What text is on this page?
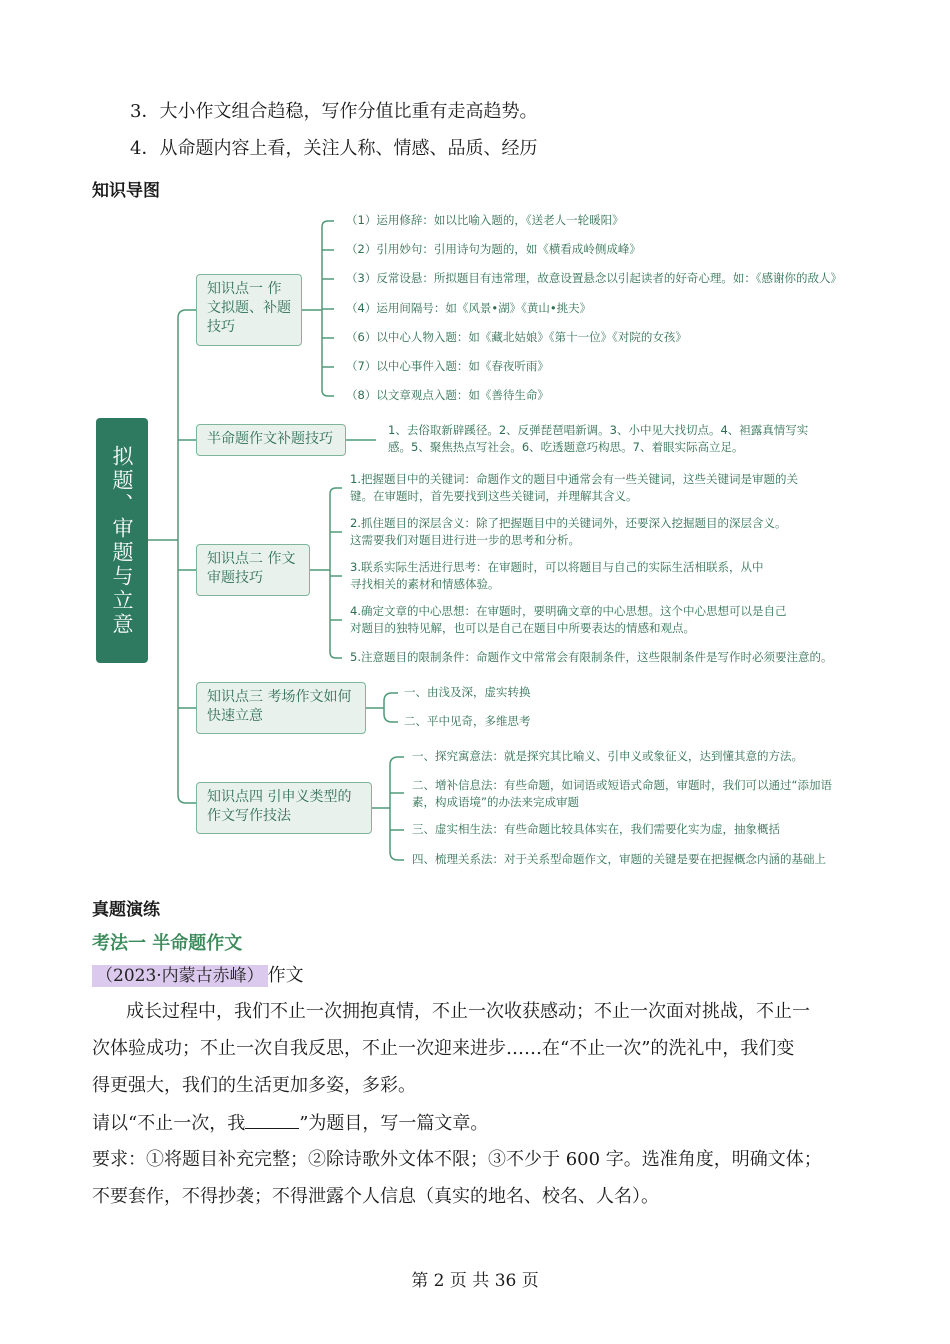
3．大小作文组合趋稳，写作分值比重有走高趋势。
4．从命题内容上看，关注人称、情感、品质、经历
知识导图
拟题、审题与立意
知识点一 作文拟题、补题技巧
（1）运用修辞：如以比喻入题的，《送老人一轮暖阳》
（2）引用妙句：引用诗句为题的，如《横看成岭侧成峰》
（3）反常设悬：所拟题目有违常理，故意设置悬念以引起读者的好奇心理。如：《感谢你的敌人》
（4）运用间隔号：如《风景•湖》《黄山•挑夫》
（6）以中心人物入题：如《藏北姑娘》《第十一位》《对院的女孩》
（7）以中心事件入题：如《春夜听雨》
（8）以文章观点入题：如《善待生命》
半命题作文补题技巧
1、去俗取新辟蹊径。2、反弹琵琶唱新调。3、小中见大找切点。4、袒露真情写实
感。5、聚焦热点写社会。6、吃透题意巧构思。7、着眼实际高立足。
知识点二 作文审题技巧
1.把握题目中的关键词：命题作文的题目中通常会有一些关键词，这些关键词是审题的关
键。在审题时，首先要找到这些关键词，并理解其含义。
2.抓住题目的深层含义：除了把握题目中的关键词外，还要深入挖掘题目的深层含义。
这需要我们对题目进行进一步的思考和分析。
3.联系实际生活进行思考：在审题时，可以将题目与自己的实际生活相联系，从中
寻找相关的素材和情感体验。
4.确定文章的中心思想：在审题时，要明确文章的中心思想。这个中心思想可以是自己
对题目的独特见解，也可以是自己在题目中所要表达的情感和观点。
5.注意题目的限制条件：命题作文中常常会有限制条件，这些限制条件是写作时必须要注意的。
知识点三 考场作文如何快速立意
一、由浅及深，虚实转换
二、平中见奇，多维思考
知识点四 引申义类型的作文写作技法
一、探究寓意法：就是探究其比喻义、引申义或象征义，达到懂其意的方法。
二、增补信息法：有些命题，如词语或短语式命题，审题时，我们可以通过“添加语
素，构成语境”的办法来完成审题
三、虚实相生法：有些命题比较具体实在，我们需要化实为虚，抽象概括
四、梳理关系法：对于关系型命题作文，审题的关键是要在把握概念内涵的基础上
真题演练
考法一 半命题作文
（2023·内蒙古赤峰） 作文
成长过程中，我们不止一次拥抱真情，不止一次收获感动；不止一次面对挑战，不止一
次体验成功；不止一次自我反思，不止一次迎来进步……在“不止一次”的洗礼中，我们变
得更强大，我们的生活更加多姿，多彩。
请以“不止一次，我	”为题目，写一篇文章。
要求：①将题目补充完整；②除诗歌外文体不限；③不少于 600 字。选准角度，明确文体；
不要套作，不得抄袭；不得泄露个人信息（真实的地名、校名、人名）。
第 2 页 共 36 页
